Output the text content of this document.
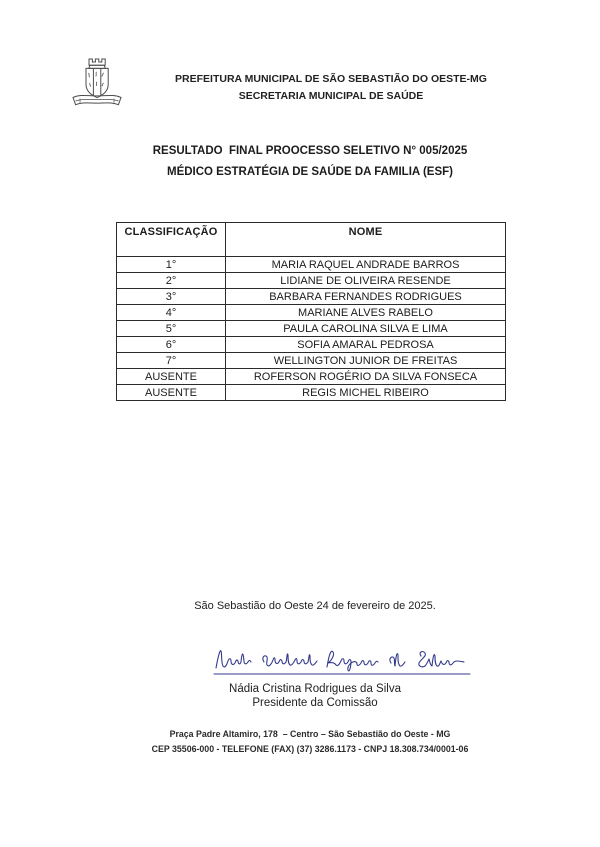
PREFEITURA MUNICIPAL DE SÃO SEBASTIÃO DO OESTE-MG
SECRETARIA MUNICIPAL DE SAÚDE
RESULTADO  FINAL PROOCESSO SELETIVO N° 005/2025
MÉDICO ESTRATÉGIA DE SAÚDE DA FAMILIA (ESF)
CLASSIFICAÇÃO	NOME
1°	MARIA RAQUEL ANDRADE BARROS
2°	LIDIANE DE OLIVEIRA RESENDE
3°	BARBARA FERNANDES RODRIGUES
4°	MARIANE ALVES RABELO
5°	PAULA CAROLINA SILVA E LIMA
6°	SOFIA AMARAL PEDROSA
7°	WELLINGTON JUNIOR DE FREITAS
AUSENTE	ROFERSON ROGÉRIO DA SILVA FONSECA
AUSENTE	REGIS MICHEL RIBEIRO
São Sebastião do Oeste 24 de fevereiro de 2025.
Nádia Cristina Rodrigues da Silva
Presidente da Comissão
Praça Padre Altamiro, 178  – Centro – São Sebastião do Oeste - MG
CEP 35506-000 - TELEFONE (FAX) (37) 3286.1173 - CNPJ 18.308.734/0001-06
